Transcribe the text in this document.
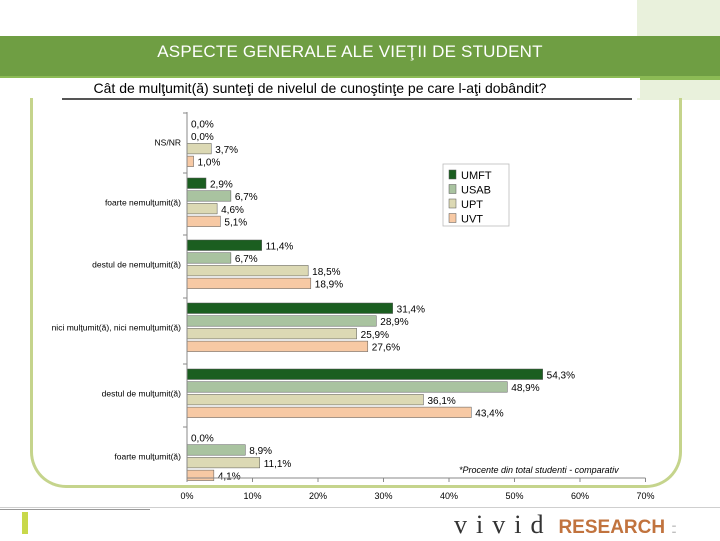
ASPECTE GENERALE ALE VIEŢII DE STUDENT
Cât de mulţumit(ă) sunteţi de nivelul de cunoştinţe pe care l-aţi dobândit?
NS/NR
0,0%
0,0%
3,7%
1,0%
foarte nemulţumit(ă)
2,9%
6,7%
4,6%
5,1%
destul de nemulţumit(ă)
11,4%
6,7%
18,5%
18,9%
nici mulţumit(ă), nici nemulţumit(ă)
31,4%
28,9%
25,9%
27,6%
destul de mulţumit(ă)
54,3%
48,9%
36,1%
43,4%
foarte mulţumit(ă)
0,0%
8,9%
11,1%
4,1%
0%	10%	20%	30%	40%	50%	60%	70%
UMFT
USAB
UPT
UVT
*Procente din total studenti - comparativ
vivid RESEARCH ::
